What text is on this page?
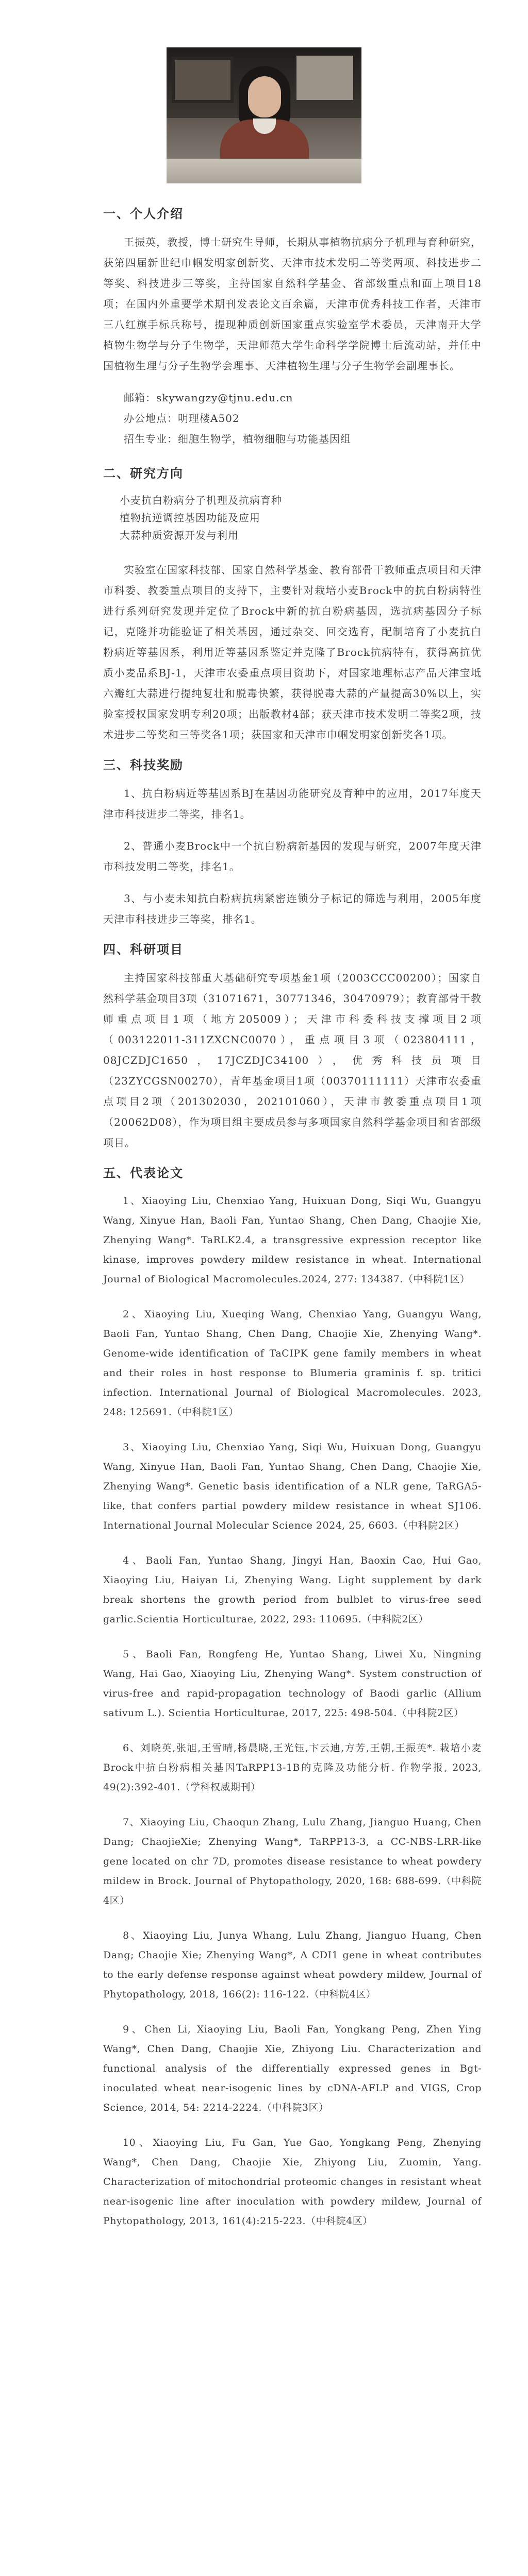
一、个人介绍

王振英，教授，博士研究生导师，长期从事植物抗病分子机理与育种研究，获第四届新世纪巾帼发明家创新奖、天津市技术发明二等奖两项、科技进步二等奖、科技进步三等奖，主持国家自然科学基金、省部级重点和面上项目18项；在国内外重要学术期刊发表论文百余篇，天津市优秀科技工作者，天津市三八红旗手标兵称号，提现种质创新国家重点实验室学术委员，天津南开大学植物生物学与分子生物学，天津师范大学生命科学学院博士后流动站，并任中国植物生理与分子生物学会理事、天津植物生理与分子生物学会副理事长。

邮箱：skywangzy@tjnu.edu.cn
办公地点：明理楼A502
招生专业：细胞生物学，植物细胞与功能基因组
二、研究方向
小麦抗白粉病分子机理及抗病育种
植物抗逆调控基因功能及应用
大蒜种质资源开发与利用

实验室在国家科技部、国家自然科学基金、教育部骨干教师重点项目和天津市科委、教委重点项目的支持下，主要针对栽培小麦Brock中的抗白粉病特性进行系列研究发现并定位了Brock中新的抗白粉病基因，选抗病基因分子标记，克隆并功能验证了相关基因，通过杂交、回交选育，配制培育了小麦抗白粉病近等基因系，利用近等基因系鉴定并克隆了Brock抗病特有，获得高抗优质小麦品系BJ-1，天津市农委重点项目资助下，对国家地理标志产品天津宝坻六瓣红大蒜进行提纯复壮和脱毒快繁，获得脱毒大蒜的产量提高30%以上，实验室授权国家发明专利20项；出版教材4部；获天津市技术发明二等奖2项，技术进步二等奖和三等奖各1项；获国家和天津市巾帼发明家创新奖各1项。

三、科技奖励
1、抗白粉病近等基因系BJ在基因功能研究及育种中的应用，2017年度天津市科技进步二等奖，排名1。
2、普通小麦Brock中一个抗白粉病新基因的发现与研究，2007年度天津市科技发明二等奖，排名1。
3、与小麦未知抗白粉病抗病紧密连锁分子标记的筛选与利用，2005年度天津市科技进步三等奖，排名1。
四、科研项目

主持国家科技部重大基础研究专项基金1项（2003CCC00200）；国家自然科学基金项目3项（31071671，30771346，30470979）；教育部骨干教师重点项目1项（地方205009）；天津市科委科技支撑项目2项（003122011-311ZXCNC0070），重点项目3项（023804111，08JCZDJC1650，17JCZDJC34100），优秀科技员项目（23ZYCGSN00270），青年基金项目1项（00370111111）天津市农委重点项目2项（201302030，202101060），天津市教委重点项目1项（20062D08），作为项目组主要成员参与多项国家自然科学基金项目和省部级项目。

五、代表论文
1、Xiaoying Liu, Chenxiao Yang, Huixuan Dong, Siqi Wu, Guangyu Wang, Xinyue Han, Baoli Fan, Yuntao Shang, Chen Dang, Chaojie Xie, Zhenying Wang*. TaRLK2.4, a transgressive expression receptor like kinase, improves powdery mildew resistance in wheat. International Journal of Biological Macromolecules.2024, 277: 134387.（中科院1区）
2、Xiaoying Liu, Xueqing Wang, Chenxiao Yang, Guangyu Wang, Baoli Fan, Yuntao Shang, Chen Dang, Chaojie Xie, Zhenying Wang*. Genome-wide identification of TaCIPK gene family members in wheat and their roles in host response to Blumeria graminis f. sp. tritici infection. International Journal of Biological Macromolecules. 2023, 248: 125691.（中科院1区）
3、Xiaoying Liu, Chenxiao Yang, Siqi Wu, Huixuan Dong, Guangyu Wang, Xinyue Han, Baoli Fan, Yuntao Shang, Chen Dang, Chaojie Xie, Zhenying Wang*. Genetic basis identification of a NLR gene, TaRGA5-like, that confers partial powdery mildew resistance in wheat SJ106. International Journal Molecular Science 2024, 25, 6603.（中科院2区）
4、Baoli Fan, Yuntao Shang, Jingyi Han, Baoxin Cao, Hui Gao, Xiaoying Liu, Haiyan Li, Zhenying Wang. Light supplement by dark break shortens the growth period from bulblet to virus-free seed garlic.Scientia Horticulturae, 2022, 293: 110695.（中科院2区）
5、Baoli Fan, Rongfeng He, Yuntao Shang, Liwei Xu, Ningning Wang, Hai Gao, Xiaoying Liu, Zhenying Wang*. System construction of virus-free and rapid-propagation technology of Baodi garlic (Allium sativum L.). Scientia Horticulturae, 2017, 225: 498-504.（中科院2区）
6、刘晓英,张旭,王雪晴,杨晨晓,王光钰,卞云迪,方芳,王朝,王振英*. 栽培小麦Brock中抗白粉病相关基因TaRPP13-1B的克隆及功能分析. 作物学报, 2023, 49(2):392-401.（学科权威期刊）
7、Xiaoying Liu, Chaoqun Zhang, Lulu Zhang, Jianguo Huang, Chen Dang; ChaojieXie; Zhenying Wang*, TaRPP13-3, a CC-NBS-LRR-like gene located on chr 7D, promotes disease resistance to wheat powdery mildew in Brock. Journal of Phytopathology, 2020, 168: 688-699.（中科院4区）
8、Xiaoying Liu, Junya Whang, Lulu Zhang, Jianguo Huang, Chen Dang; Chaojie Xie; Zhenying Wang*, A CDI1 gene in wheat contributes to the early defense response against wheat powdery mildew, Journal of Phytopathology, 2018, 166(2): 116-122.（中科院4区）
9、Chen Li, Xiaoying Liu, Baoli Fan, Yongkang Peng, Zhen Ying Wang*, Chen Dang, Chaojie Xie, Zhiyong Liu. Characterization and functional analysis of the differentially expressed genes in Bgt-inoculated wheat near-isogenic lines by cDNA-AFLP and VIGS, Crop Science, 2014, 54: 2214-2224.（中科院3区）
10、Xiaoying Liu, Fu Gan, Yue Gao, Yongkang Peng, Zhenying Wang*, Chen Dang, Chaojie Xie, Zhiyong Liu, Zuomin, Yang. Characterization of mitochondrial proteomic changes in resistant wheat near-isogenic line after inoculation with powdery mildew, Journal of Phytopathology, 2013, 161(4):215-223.（中科院4区）
